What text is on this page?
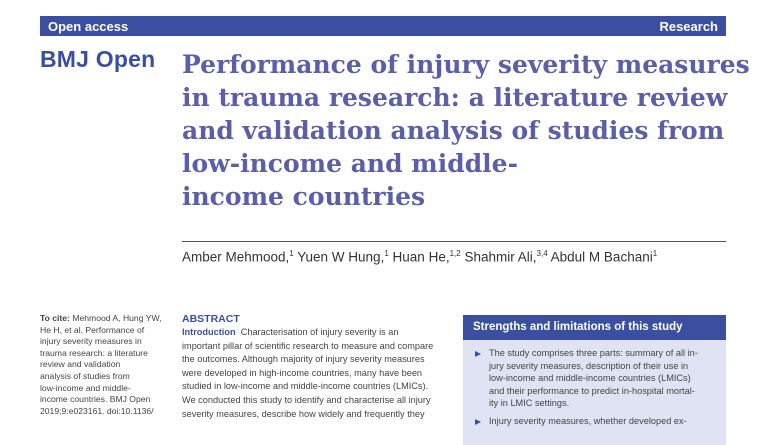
Open access	Research
BMJ Open Performance of injury severity measures
in trauma research: a literature review
and validation analysis of studies from
low-income and middle-
income countries
Amber Mehmood,$^1$ Yuen W Hung,$^1$ Huan He,$^{1,2}$ Shahmir Ali,$^{3,4}$ Abdul M Bachani$^1$
To cite: Mehmood A, Hung YW,
He H, et al. Performance of
injury severity measures in
trauma research: a literature
review and validation
analysis of studies from
low-income and middle-
income countries. BMJ Open
2019;9:e023161. doi:10.1136/
ABSTRACT
Introduction Characterisation of injury severity is an
important pillar of scientific research to measure and compare
the outcomes. Although majority of injury severity measures
were developed in high-income countries, many have been
studied in low-income and middle-income countries (LMICs).
We conducted this study to identify and characterise all injury
severity measures, describe how widely and frequently they
Strengths and limitations of this study
The study comprises three parts: summary of all in-
jury severity measures, description of their use in
low-income and middle-income countries (LMICs)
and their performance to predict in-hospital mortal-
ity in LMIC settings.
Injury severity measures, whether developed ex-
